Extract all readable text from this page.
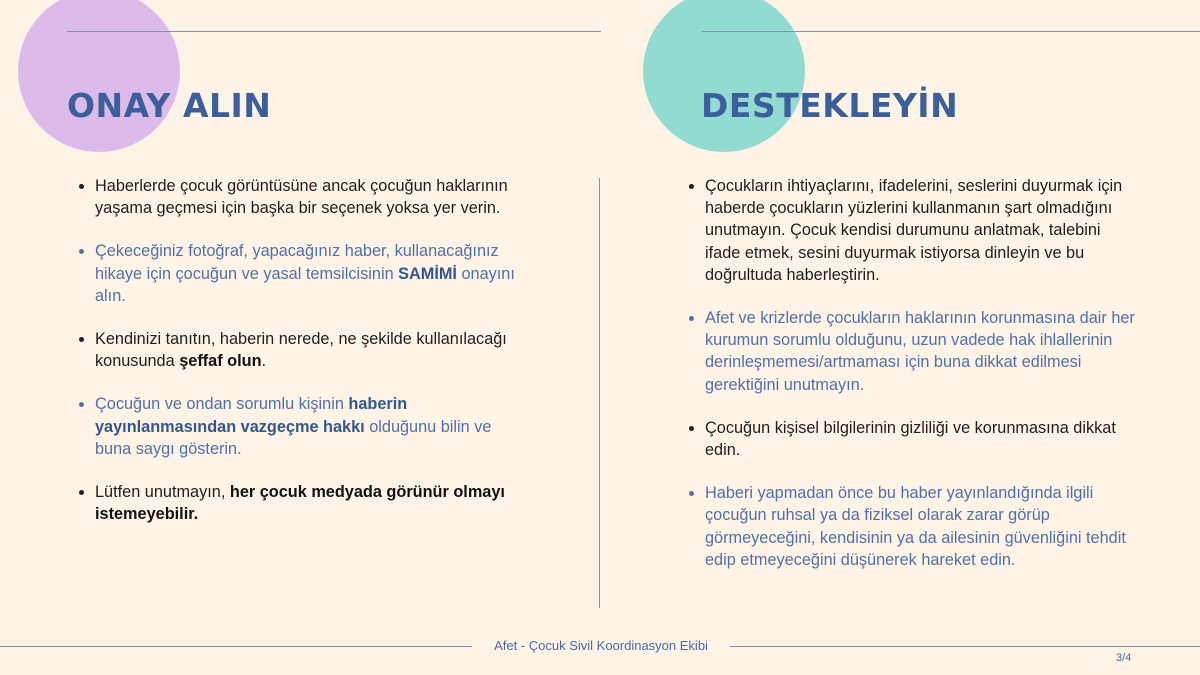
ONAY ALIN	DESTEKLEYİN
Haberlerde çocuk görüntüsüne ancak çocuğun haklarının yaşama geçmesi için başka bir seçenek yoksa yer verin.
Çekeceğiniz fotoğraf, yapacağınız haber, kullanacağınız hikaye için çocuğun ve yasal temsilcisinin SAMİMİ onayını alın.
Kendinizi tanıtın, haberin nerede, ne şekilde kullanılacağı konusunda şeffaf olun.
Çocuğun ve ondan sorumlu kişinin haberin yayınlanmasından vazgeçme hakkı olduğunu bilin ve buna saygı gösterin.
Lütfen unutmayın, her çocuk medyada görünür olmayı istemeyebilir.
Çocukların ihtiyaçlarını, ifadelerini, seslerini duyurmak için haberde çocukların yüzlerini kullanmanın şart olmadığını unutmayın. Çocuk kendisi durumunu anlatmak, talebini ifade etmek, sesini duyurmak istiyorsa dinleyin ve bu doğrultuda haberleştirin.
Afet ve krizlerde çocukların haklarının korunmasına dair her kurumun sorumlu olduğunu, uzun vadede hak ihlallerinin derinleşmemesi/artmaması için buna dikkat edilmesi gerektiğini unutmayın.
Çocuğun kişisel bilgilerinin gizliliği ve korunmasına dikkat edin.
Haberi yapmadan önce bu haber yayınlandığında ilgili çocuğun ruhsal ya da fiziksel olarak zarar görüp görmeyeceğini, kendisinin ya da ailesinin güvenliğini tehdit edip etmeyeceğini düşünerek hareket edin.
Afet - Çocuk Sivil Koordinasyon Ekibi
3/4
